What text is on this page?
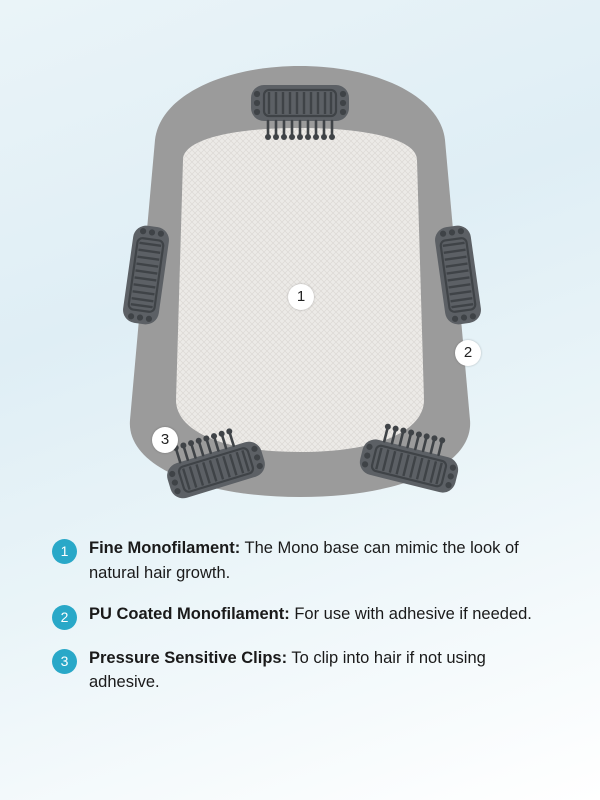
1
2
3
1	Fine Monofilament: The Mono base can mimic the look of natural hair growth.
2	PU Coated Monofilament: For use with adhesive if needed.
3	Pressure Sensitive Clips: To clip into hair if not using adhesive.
